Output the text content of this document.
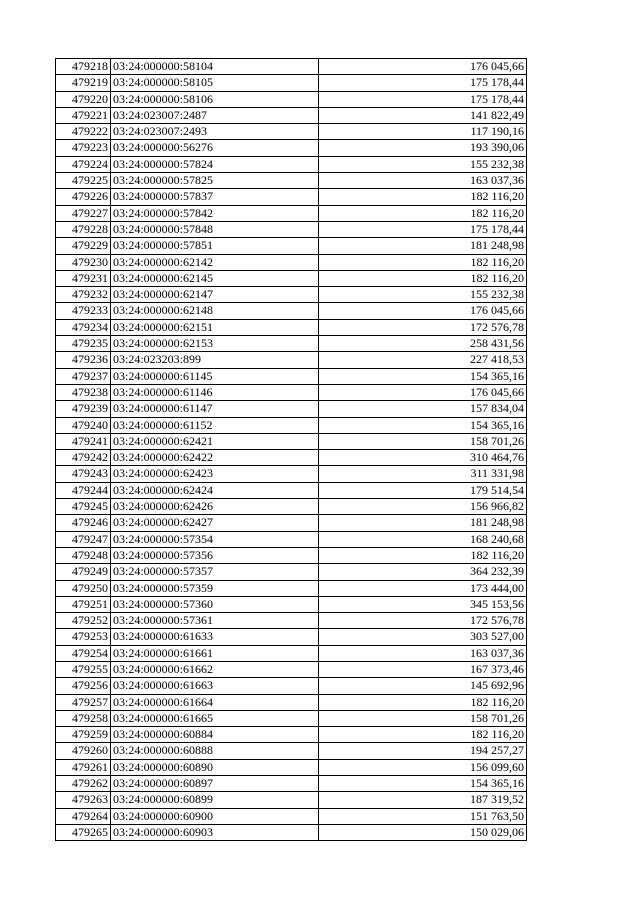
479218	03:24:000000:58104	176 045,66
479219	03:24:000000:58105	175 178,44
479220	03:24:000000:58106	175 178,44
479221	03:24:023007:2487	141 822,49
479222	03:24:023007:2493	117 190,16
479223	03:24:000000:56276	193 390,06
479224	03:24:000000:57824	155 232,38
479225	03:24:000000:57825	163 037,36
479226	03:24:000000:57837	182 116,20
479227	03:24:000000:57842	182 116,20
479228	03:24:000000:57848	175 178,44
479229	03:24:000000:57851	181 248,98
479230	03:24:000000:62142	182 116,20
479231	03:24:000000:62145	182 116,20
479232	03:24:000000:62147	155 232,38
479233	03:24:000000:62148	176 045,66
479234	03:24:000000:62151	172 576,78
479235	03:24:000000:62153	258 431,56
479236	03:24:023203:899	227 418,53
479237	03:24:000000:61145	154 365,16
479238	03:24:000000:61146	176 045,66
479239	03:24:000000:61147	157 834,04
479240	03:24:000000:61152	154 365,16
479241	03:24:000000:62421	158 701,26
479242	03:24:000000:62422	310 464,76
479243	03:24:000000:62423	311 331,98
479244	03:24:000000:62424	179 514,54
479245	03:24:000000:62426	156 966,82
479246	03:24:000000:62427	181 248,98
479247	03:24:000000:57354	168 240,68
479248	03:24:000000:57356	182 116,20
479249	03:24:000000:57357	364 232,39
479250	03:24:000000:57359	173 444,00
479251	03:24:000000:57360	345 153,56
479252	03:24:000000:57361	172 576,78
479253	03:24:000000:61633	303 527,00
479254	03:24:000000:61661	163 037,36
479255	03:24:000000:61662	167 373,46
479256	03:24:000000:61663	145 692,96
479257	03:24:000000:61664	182 116,20
479258	03:24:000000:61665	158 701,26
479259	03:24:000000:60884	182 116,20
479260	03:24:000000:60888	194 257,27
479261	03:24:000000:60890	156 099,60
479262	03:24:000000:60897	154 365,16
479263	03:24:000000:60899	187 319,52
479264	03:24:000000:60900	151 763,50
479265	03:24:000000:60903	150 029,06
